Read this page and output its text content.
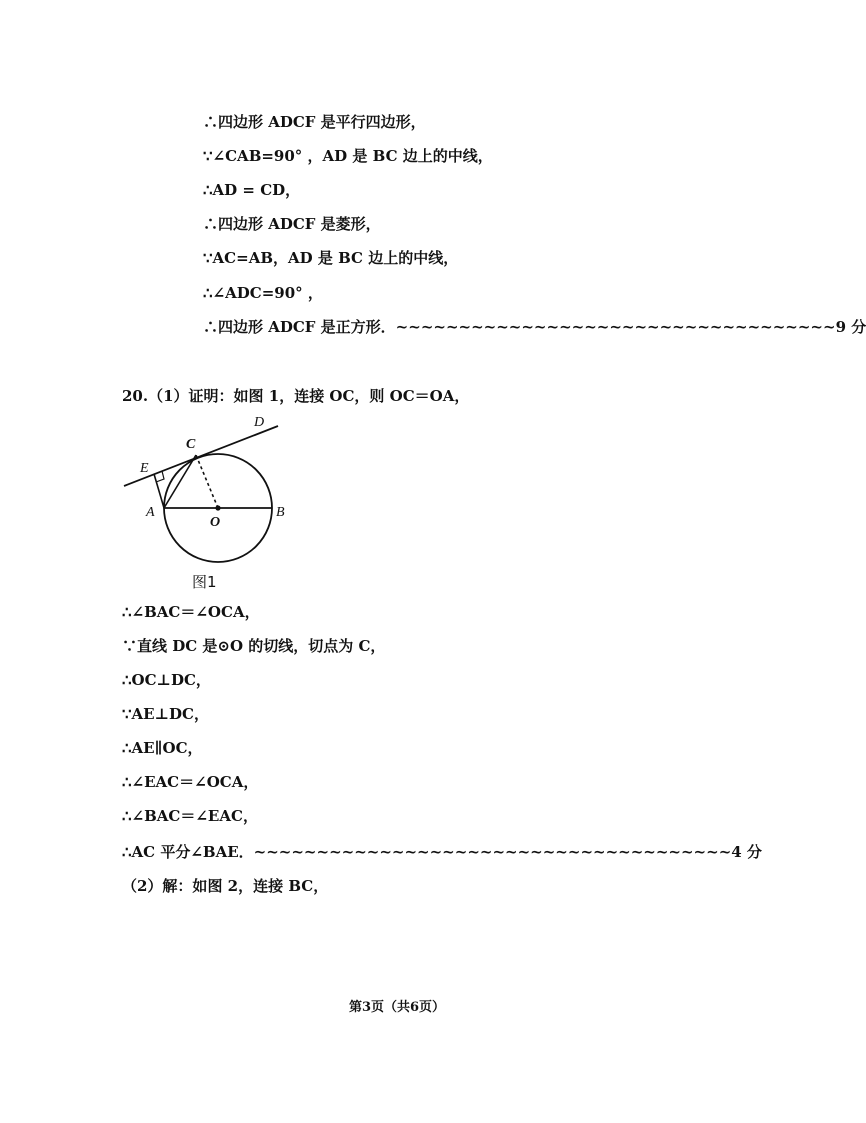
∴四边形 ADCF 是平行四边形，
∵∠CAB=90° ，AD 是 BC 边上的中线，
∴AD = CD，
∴四边形 ADCF 是菱形，
∵AC=AB，AD 是 BC 边上的中线，
∴∠ADC=90° ，
∴四边形 ADCF 是正方形．~~~~~~~~~~~~~~~~~~~~~~~~~~~~~~~~~~~9 分
20.（1）证明：如图 1，连接 OC，则 OC＝OA，
D
C
E
A
O
B
图1
∴∠BAC＝∠OCA，
∵直线 DC 是⊙O 的切线，切点为 C，
∴OC⊥DC，
∵AE⊥DC，
∴AE∥OC，
∴∠EAC＝∠OCA，
∴∠BAC＝∠EAC，
∴AC 平分∠BAE．~~~~~~~~~~~~~~~~~~~~~~~~~~~~~~~~~~~~~~4 分
（2）解：如图 2，连接 BC，
第3页（共6页）
